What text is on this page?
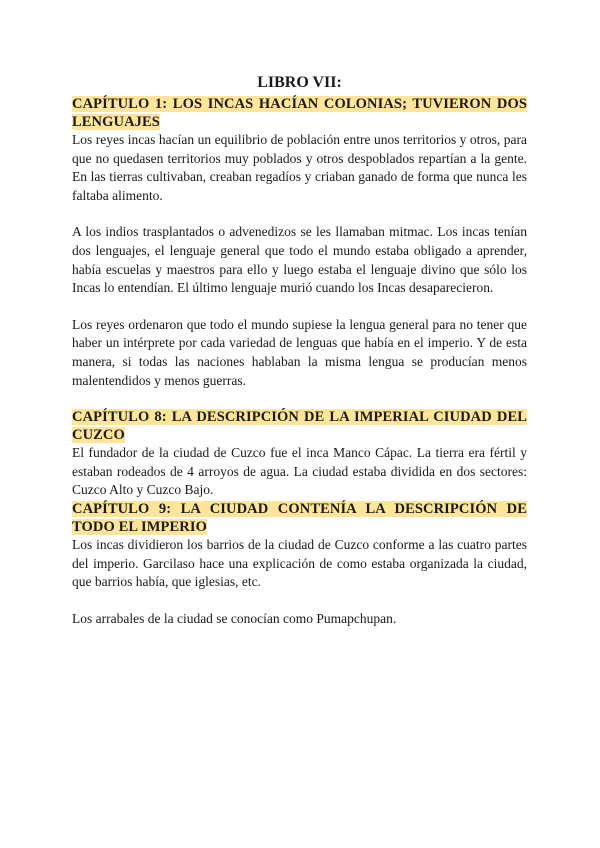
LIBRO VII:
CAPÍTULO 1: LOS INCAS HACÍAN COLONIAS; TUVIERON DOS LENGUAJES

Los reyes incas hacían un equilibrio de población entre unos territorios y otros, para que no quedasen territorios muy poblados y otros despoblados repartían a la gente. En las tierras cultivaban, creaban regadíos y criaban ganado de forma que nunca les faltaba alimento.

A los indios trasplantados o advenedizos se les llamaban mitmac. Los incas tenían dos lenguajes, el lenguaje general que todo el mundo estaba obligado a aprender, había escuelas y maestros para ello y luego estaba el lenguaje divino que sólo los Incas lo entendían. El último lenguaje murió cuando los Incas desaparecieron.

Los reyes ordenaron que todo el mundo supiese la lengua general para no tener que haber un intérprete por cada variedad de lenguas que había en el imperio. Y de esta manera, si todas las naciones hablaban la misma lengua se producían menos malentendidos y menos guerras.

CAPÍTULO 8: LA DESCRIPCIÓN DE LA IMPERIAL CIUDAD DEL CUZCO

El fundador de la ciudad de Cuzco fue el inca Manco Cápac. La tierra era fértil y estaban rodeados de 4 arroyos de agua. La ciudad estaba dividida en dos sectores: Cuzco Alto y Cuzco Bajo.

CAPÍTULO 9: LA CIUDAD CONTENÍA LA DESCRIPCIÓN DE TODO EL IMPERIO

Los incas dividieron los barrios de la ciudad de Cuzco conforme a las cuatro partes del imperio. Garcilaso hace una explicación de como estaba organizada la ciudad, que barrios había, que iglesias, etc.

Los arrabales de la ciudad se conocían como Pumapchupan.
